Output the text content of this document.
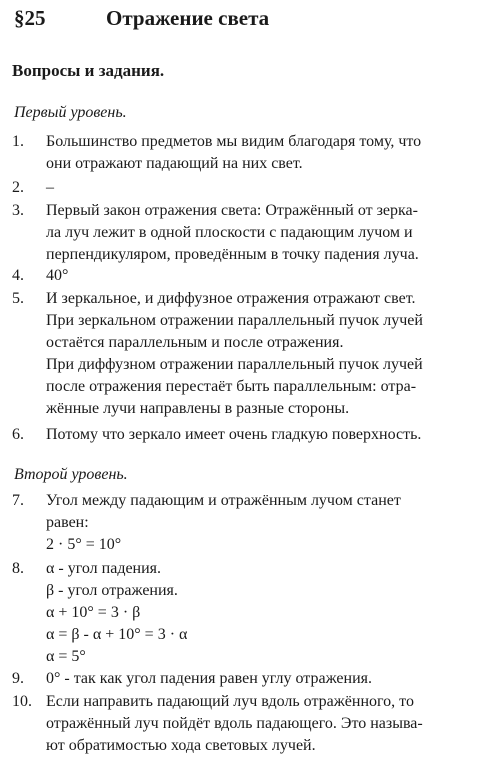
§25	Отражение света
Вопросы и задания.
Первый уровень.
1. Большинство предметов мы видим благодаря тому, что
они отражают падающий на них свет.
2. –
3. Первый закон отражения света: Отражённый от зерка-
ла луч лежит в одной плоскости с падающим лучом и
перпендикуляром, проведённым в точку падения луча.
4. 40°
5. И зеркальное, и диффузное отражения отражают свет.
При зеркальном отражении параллельный пучок лучей
остаётся параллельным и после отражения.
При диффузном отражении параллельный пучок лучей
после отражения перестаёт быть параллельным: отра-
жённые лучи направлены в разные стороны.
6. Потому что зеркало имеет очень гладкую поверхность.
Второй уровень.
7. Угол между падающим и отражённым лучом станет
равен:
2 · 5° = 10°
8. α - угол падения.
β - угол отражения.
α + 10° = 3 · β
α = β - α + 10° = 3 · α
α = 5°
9. 0° - так как угол падения равен углу отражения.
10. Если направить падающий луч вдоль отражённого, то
отражённый луч пойдёт вдоль падающего. Это называ-
ют обратимостью хода световых лучей.
